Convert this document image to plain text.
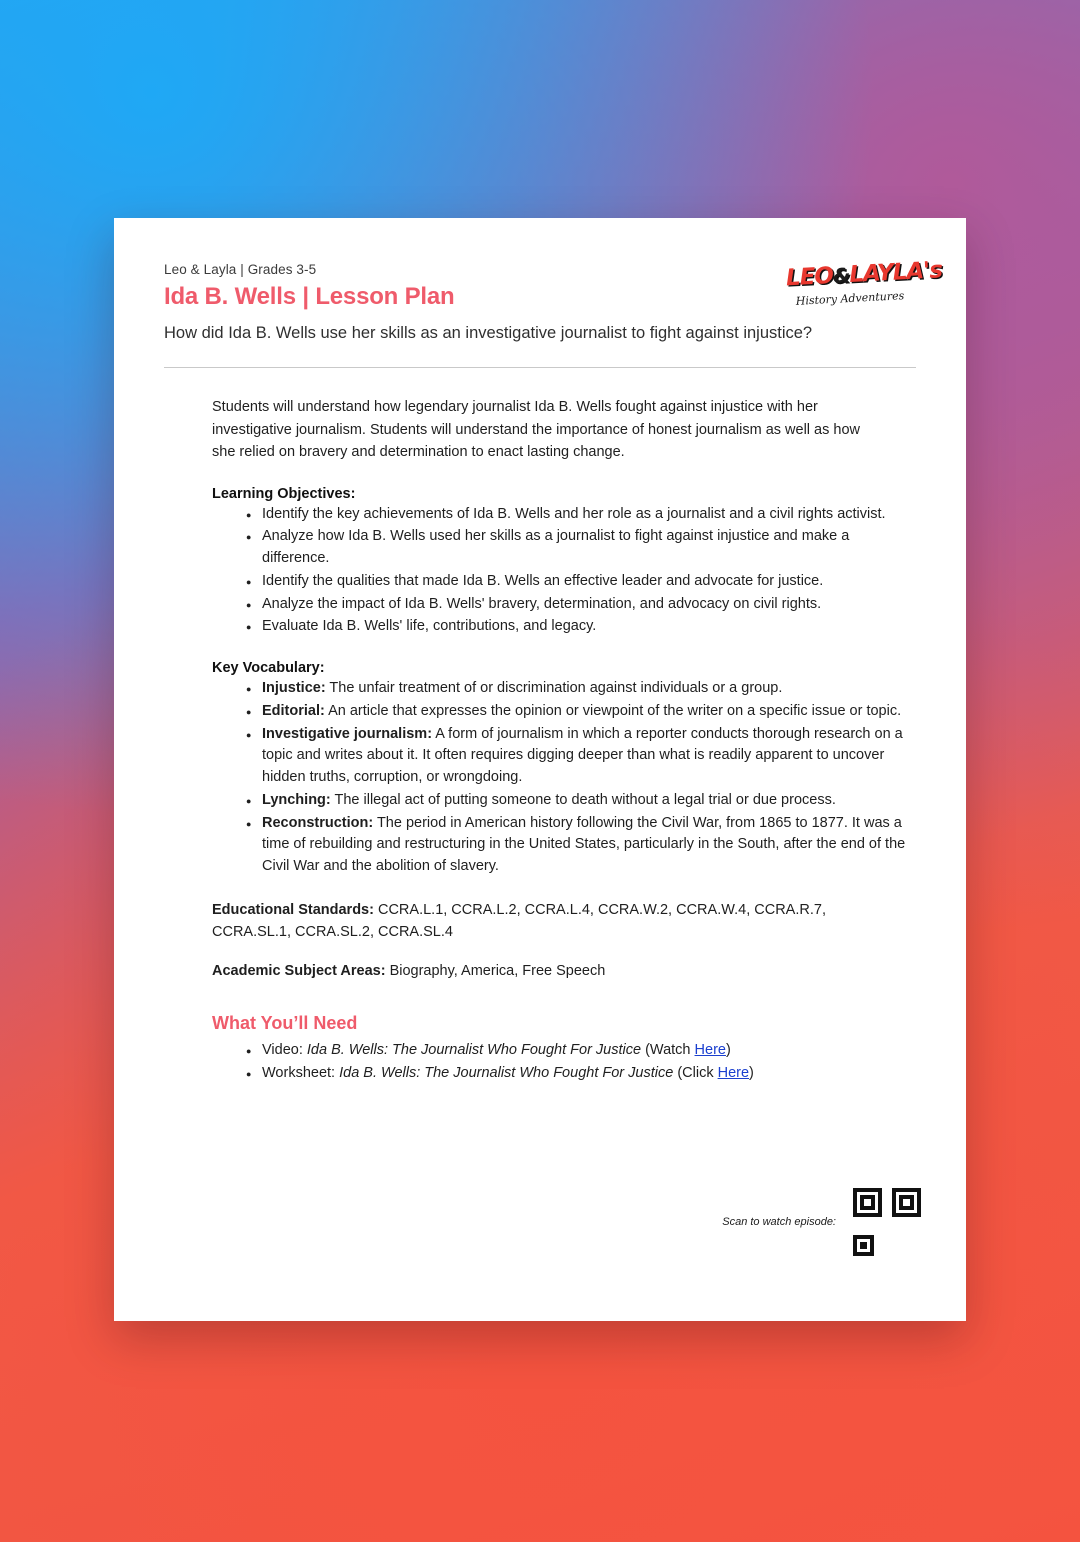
LEO&LAYLA's
History Adventures
Leo & Layla | Grades 3-5
Ida B. Wells | Lesson Plan
How did Ida B. Wells use her skills as an investigative journalist to fight against injustice?

Students will understand how legendary journalist Ida B. Wells fought against injustice with her investigative journalism. Students will understand the importance of honest journalism as well as how she relied on bravery and determination to enact lasting change.

Learning Objectives:
● Identify the key achievements of Ida B. Wells and her role as a journalist and a civil rights activist.
● Analyze how Ida B. Wells used her skills as a journalist to fight against injustice and make a difference.
● Identify the qualities that made Ida B. Wells an effective leader and advocate for justice.
● Analyze the impact of Ida B. Wells' bravery, determination, and advocacy on civil rights.
● Evaluate Ida B. Wells' life, contributions, and legacy.
Key Vocabulary:
● Injustice: The unfair treatment of or discrimination against individuals or a group.
● Editorial: An article that expresses the opinion or viewpoint of the writer on a specific issue or topic.
● Investigative journalism: A form of journalism in which a reporter conducts thorough research on a topic and writes about it. It often requires digging deeper than what is readily apparent to uncover hidden truths, corruption, or wrongdoing.
● Lynching: The illegal act of putting someone to death without a legal trial or due process.
● Reconstruction: The period in American history following the Civil War, from 1865 to 1877. It was a time of rebuilding and restructuring in the United States, particularly in the South, after the end of the Civil War and the abolition of slavery.

Educational Standards: CCRA.L.1, CCRA.L.2, CCRA.L.4, CCRA.W.2, CCRA.W.4, CCRA.R.7, CCRA.SL.1, CCRA.SL.2, CCRA.SL.4

Academic Subject Areas: Biography, America, Free Speech

What You’ll Need
● Video: Ida B. Wells: The Journalist Who Fought For Justice (Watch Here)
● Worksheet: Ida B. Wells: The Journalist Who Fought For Justice (Click Here)
Scan to watch episode:
